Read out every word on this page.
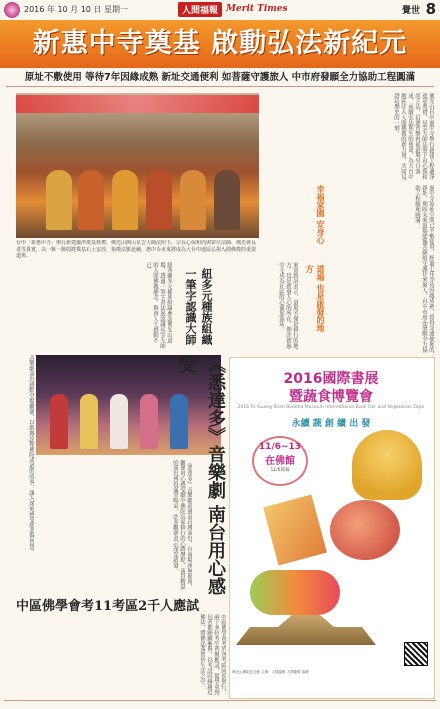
2016 年 10 月 10 日 星期一	人間福報 Merit Times	覺世 8
新惠中寺奠基 啟動弘法新紀元
原址不敷使用 等待7年因緣成熟 新址交通便利 如菩薩守護旅人 中市府發願全力協助工程圓滿
台中「新惠中寺」舉行新建灑淨奠基典禮，佛光山開山星雲大師法照下，宗長心保和尚與眾位法師、佛光會長老等貴賓，以一鏟一鏟的將奠基石土安放，象徵法脈延續，惠中寺未來將成為大台中地區弘揚人間佛教的重要道場。
佛光山台中惠中寺舉行新建工程灑淨奠基典禮，星雲大師法照下由心保和尚主法，信眾齊聚祝福道場早日落成，承續弘法利生的使命，為大台中地區注入人間佛教的新力量，共同見證這歷史的一刻。
惠中寺原址空間已不敷使用，經過七年等待因緣成熟，覓得交通便利的新址，期盼未來道場能像菩薩般守護往來旅人，台中市府亦發願全力協助工程順利圓滿。
幸福家園 安身心
道場 也是啟發的地方
來賓致詞表示，道場不僅是修行的地方，也是啟發人心的所在，期許新惠中寺成為社區的心靈加油站。
紐多元種族組織 一筆字認識大師
紐西蘭多元種族組織參訪佛光山道場，透過一筆字書法展認識星雲大師的人間佛教理念，與會人士感動不已。
音樂劇演出感動全場觀眾，以歌舞詮釋佛陀成道的故事，讓人深刻感受慈悲與智慧。	《悉達多》音樂劇 南台用心感受
《悉達多》音樂劇巡迴南台灣演出，台南場座無虛席，觀眾用心感受劇中佛陀出家修行的心路歷程，演員精湛的演出博得滿堂喝采，許多觀眾表示深受啟發。
中區佛學會考11考區2千人應試
中區佛學會考於各考區同步舉行，兩千多位考生齊聚應試，從學童到長者都踴躍參與，以考試因緣親近佛法，將佛法落實於生活之中。
2016國際書展
暨蔬食博覽會
2016 Fo Guang Shan Buddha Museum International Book Fair and Vegetarian Expo
永續 蔬 創 續 出 發
11/6~13
在佛館
11/6開幕
佛光山佛陀紀念館 主辦 · 人間福報 人間衛視 協辦
